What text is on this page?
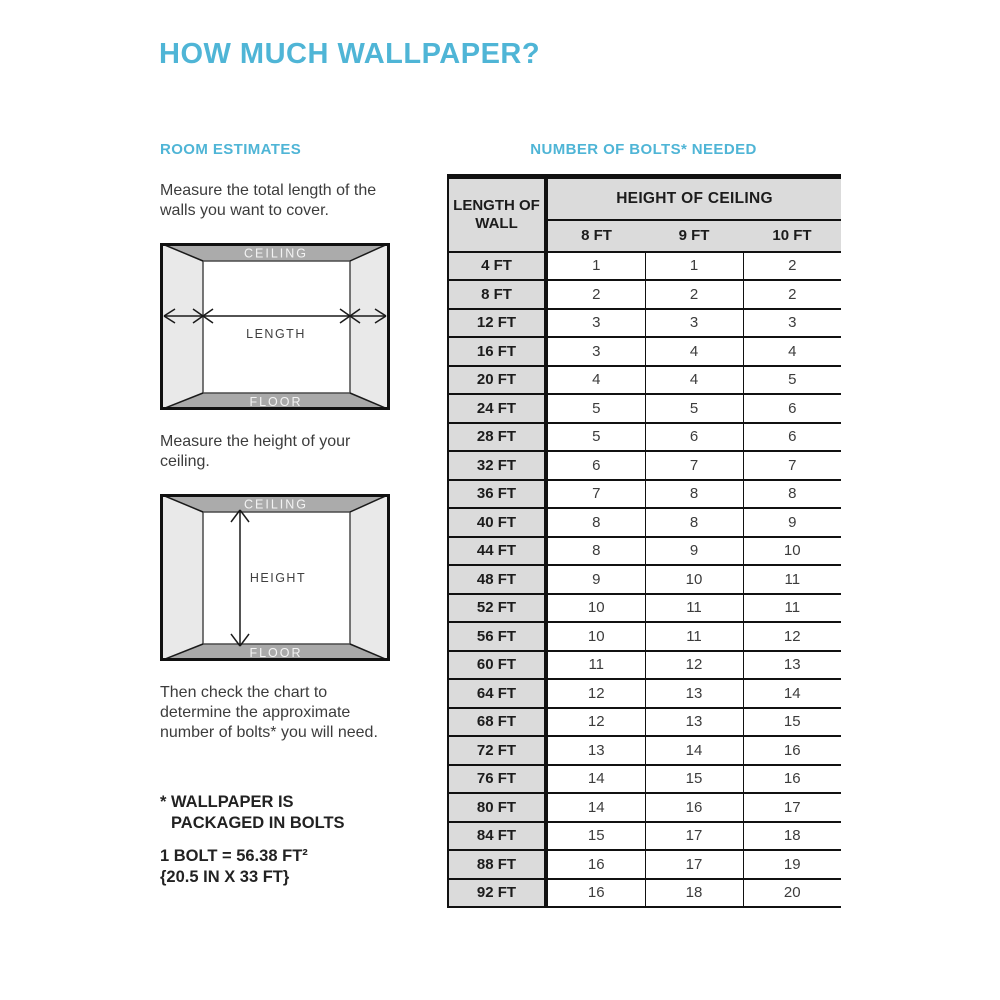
HOW MUCH WALLPAPER?
ROOM ESTIMATES

Measure the total length of the walls you want to cover.

CEILING
FLOOR
LENGTH

Measure the height of your ceiling.

CEILING
FLOOR
HEIGHT

Then check the chart to determine the approximate number of bolts* you will need.

* WALLPAPER IS
PACKAGED IN BOLTS
1 BOLT = 56.38 FT²
{20.5 IN X 33 FT}
NUMBER OF BOLTS* NEEDED
LENGTH OF WALL	HEIGHT OF CEILING		
	8 FT	9 FT	10 FT
4 FT	1	1	2
8 FT	2	2	2
12 FT	3	3	3
16 FT	3	4	4
20 FT	4	4	5
24 FT	5	5	6
28 FT	5	6	6
32 FT	6	7	7
36 FT	7	8	8
40 FT	8	8	9
44 FT	8	9	10
48 FT	9	10	11
52 FT	10	11	11
56 FT	10	11	12
60 FT	11	12	13
64 FT	12	13	14
68 FT	12	13	15
72 FT	13	14	16
76 FT	14	15	16
80 FT	14	16	17
84 FT	15	17	18
88 FT	16	17	19
92 FT	16	18	20
